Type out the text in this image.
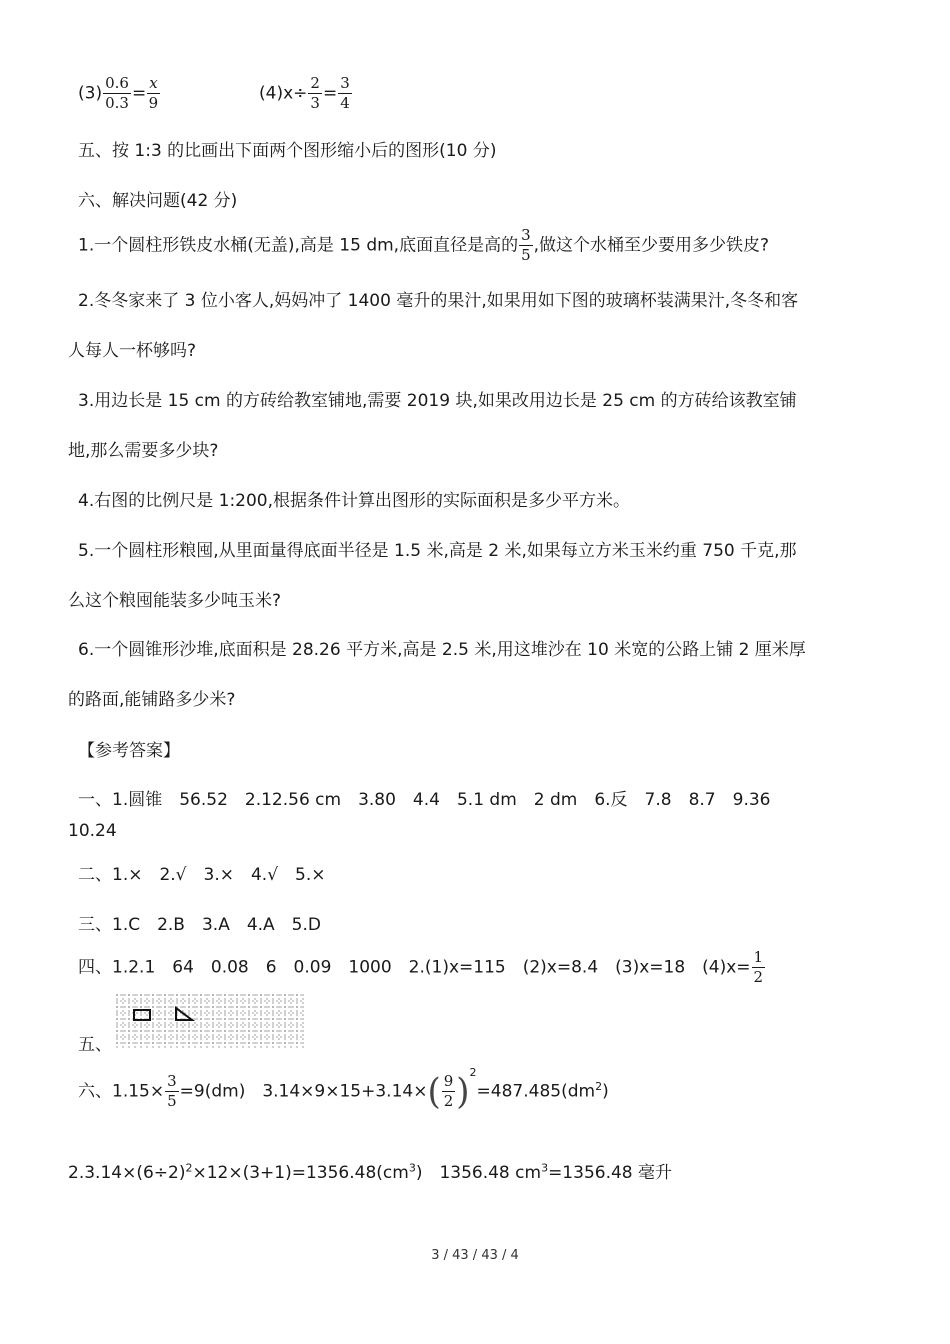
$(3) \frac{0.6}{0.3} = \frac{x}{9}$	$(4)x\div \frac{2}{3} = \frac{3}{4}$
五、按 1:3 的比画出下面两个图形缩小后的图形(10 分)
六、解决问题(42 分)
1.一个圆柱形铁皮水桶(无盖),高是 15 dm,底面直径是高的 $\frac{3}{5}$ ,做这个水桶至少要用多少铁皮?
2.冬冬家来了 3 位小客人,妈妈冲了 1400 毫升的果汁,如果用如下图的玻璃杯装满果汁,冬冬和客
人每人一杯够吗?
3.用边长是 15 cm 的方砖给教室铺地,需要 2019 块,如果改用边长是 25 cm 的方砖给该教室铺
地,那么需要多少块?
4.右图的比例尺是 1:200,根据条件计算出图形的实际面积是多少平方米。
5.一个圆柱形粮囤,从里面量得底面半径是 1.5 米,高是 2 米,如果每立方米玉米约重 750 千克,那
么这个粮囤能装多少吨玉米?
6.一个圆锥形沙堆,底面积是 28.26 平方米,高是 2.5 米,用这堆沙在 10 米宽的公路上铺 2 厘米厚
的路面,能铺路多少米?
【参考答案】
一、1.圆锥　56.52　2.12.56 cm　3.80　4.4　5.1 dm　2 dm　6.反　7.8　8.7　9.36
10.24
二、1.×　2.√　3.×　4.√　5.×
三、1.C　2.B　3.A　4.A　5.D
四、1.2.1　64　0.08　6　0.09　1000　2.(1)x=115　(2)x=8.4　(3)x=18　$(4)x= \frac{1}{2}$
五、
六、$1.15\times \frac{3}{5} =9(dm)$　$3.14\times 9\times 15+3.14\times( \frac{9}{2} )^2=487.485(dm^2)$
$2.3.14\times(6\div 2)^2\times 12\times(3+1)=1356.48(cm^3)$　1356.48 $cm^3=1356.48$ 毫升
3 / 43 / 43 / 4
